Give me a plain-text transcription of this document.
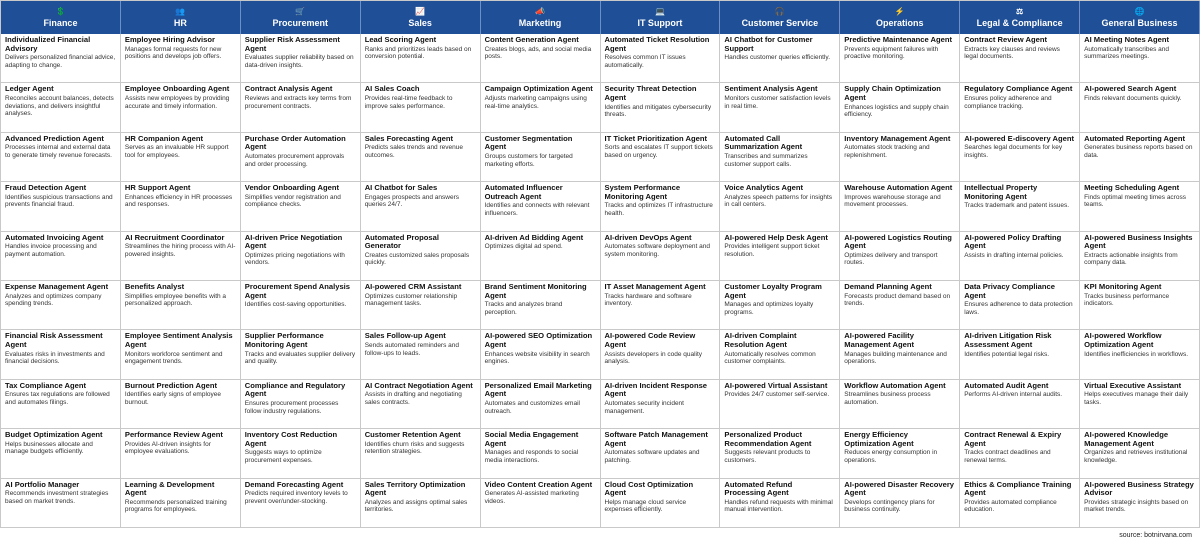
💲
Finance
👥
HR
🛒
Procurement
📈
Sales
📣
Marketing
💻
IT Support
🎧
Customer Service
⚡
Operations
⚖
Legal & Compliance
🌐
General Business
Individualized Financial Advisory
Delivers personalized financial advice, adapting to change.
Employee Hiring Advisor
Manages formal requests for new positions and develops job offers.
Supplier Risk Assessment Agent
Evaluates supplier reliability based on data-driven insights.
Lead Scoring Agent
Ranks and prioritizes leads based on conversion potential.
Content Generation Agent
Creates blogs, ads, and social media posts.
Automated Ticket Resolution Agent
Resolves common IT issues automatically.
AI Chatbot for Customer Support
Handles customer queries efficiently.
Predictive Maintenance Agent
Prevents equipment failures with proactive monitoring.
Contract Review Agent
Extracts key clauses and reviews legal documents.
AI Meeting Notes Agent
Automatically transcribes and summarizes meetings.
Ledger Agent
Reconciles account balances, detects deviations, and delivers insightful analyses.
Employee Onboarding Agent
Assists new employees by providing accurate and timely information.
Contract Analysis Agent
Reviews and extracts key terms from procurement contracts.
AI Sales Coach
Provides real-time feedback to improve sales performance.
Campaign Optimization Agent
Adjusts marketing campaigns using real-time analytics.
Security Threat Detection Agent
Identifies and mitigates cybersecurity threats.
Sentiment Analysis Agent
Monitors customer satisfaction levels in real time.
Supply Chain Optimization Agent
Enhances logistics and supply chain efficiency.
Regulatory Compliance Agent
Ensures policy adherence and compliance tracking.
AI-powered Search Agent
Finds relevant documents quickly.
Advanced Prediction Agent
Processes internal and external data to generate timely revenue forecasts.
HR Companion Agent
Serves as an invaluable HR support tool for employees.
Purchase Order Automation Agent
Automates procurement approvals and order processing.
Sales Forecasting Agent
Predicts sales trends and revenue outcomes.
Customer Segmentation Agent
Groups customers for targeted marketing efforts.
IT Ticket Prioritization Agent
Sorts and escalates IT support tickets based on urgency.
Automated Call Summarization Agent
Transcribes and summarizes customer support calls.
Inventory Management Agent
Automates stock tracking and replenishment.
AI-powered E-discovery Agent
Searches legal documents for key insights.
Automated Reporting Agent
Generates business reports based on data.
Fraud Detection Agent
Identifies suspicious transactions and prevents financial fraud.
HR Support Agent
Enhances efficiency in HR processes and responses.
Vendor Onboarding Agent
Simplifies vendor registration and compliance checks.
AI Chatbot for Sales
Engages prospects and answers queries 24/7.
Automated Influencer Outreach Agent
Identifies and connects with relevant influencers.
System Performance Monitoring Agent
Tracks and optimizes IT infrastructure health.
Voice Analytics Agent
Analyzes speech patterns for insights in call centers.
Warehouse Automation Agent
Improves warehouse storage and movement processes.
Intellectual Property Monitoring Agent
Tracks trademark and patent issues.
Meeting Scheduling Agent
Finds optimal meeting times across teams.
Automated Invoicing Agent
Handles invoice processing and payment automation.
AI Recruitment Coordinator
Streamlines the hiring process with AI-powered insights.
AI-driven Price Negotiation Agent
Optimizes pricing negotiations with vendors.
Automated Proposal Generator
Creates customized sales proposals quickly.
AI-driven Ad Bidding Agent
Optimizes digital ad spend.
AI-driven DevOps Agent
Automates software deployment and system monitoring.
AI-powered Help Desk Agent
Provides intelligent support ticket resolution.
AI-powered Logistics Routing Agent
Optimizes delivery and transport routes.
AI-powered Policy Drafting Agent
Assists in drafting internal policies.
AI-powered Business Insights Agent
Extracts actionable insights from company data.
Expense Management Agent
Analyzes and optimizes company spending trends.
Benefits Analyst
Simplifies employee benefits with a personalized approach.
Procurement Spend Analysis Agent
Identifies cost-saving opportunities.
AI-powered CRM Assistant
Optimizes customer relationship management tasks.
Brand Sentiment Monitoring Agent
Tracks and analyzes brand perception.
IT Asset Management Agent
Tracks hardware and software inventory.
Customer Loyalty Program Agent
Manages and optimizes loyalty programs.
Demand Planning Agent
Forecasts product demand based on trends.
Data Privacy Compliance Agent
Ensures adherence to data protection laws.
KPI Monitoring Agent
Tracks business performance indicators.
Financial Risk Assessment Agent
Evaluates risks in investments and financial decisions.
Employee Sentiment Analysis Agent
Monitors workforce sentiment and engagement trends.
Supplier Performance Monitoring Agent
Tracks and evaluates supplier delivery and quality.
Sales Follow-up Agent
Sends automated reminders and follow-ups to leads.
AI-powered SEO Optimization Agent
Enhances website visibility in search engines.
AI-powered Code Review Agent
Assists developers in code quality analysis.
AI-driven Complaint Resolution Agent
Automatically resolves common customer complaints.
AI-powered Facility Management Agent
Manages building maintenance and operations.
AI-driven Litigation Risk Assessment Agent
Identifies potential legal risks.
AI-powered Workflow Optimization Agent
Identifies inefficiencies in workflows.
Tax Compliance Agent
Ensures tax regulations are followed and automates filings.
Burnout Prediction Agent
Identifies early signs of employee burnout.
Compliance and Regulatory Agent
Ensures procurement processes follow industry regulations.
AI Contract Negotiation Agent
Assists in drafting and negotiating sales contracts.
Personalized Email Marketing Agent
Automates and customizes email outreach.
AI-driven Incident Response Agent
Automates security incident management.
AI-powered Virtual Assistant
Provides 24/7 customer self-service.
Workflow Automation Agent
Streamlines business process automation.
Automated Audit Agent
Performs AI-driven internal audits.
Virtual Executive Assistant
Helps executives manage their daily tasks.
Budget Optimization Agent
Helps businesses allocate and manage budgets efficiently.
Performance Review Agent
Provides AI-driven insights for employee evaluations.
Inventory Cost Reduction Agent
Suggests ways to optimize procurement expenses.
Customer Retention Agent
Identifies churn risks and suggests retention strategies.
Social Media Engagement Agent
Manages and responds to social media interactions.
Software Patch Management Agent
Automates software updates and patching.
Personalized Product Recommendation Agent
Suggests relevant products to customers.
Energy Efficiency Optimization Agent
Reduces energy consumption in operations.
Contract Renewal & Expiry Agent
Tracks contract deadlines and renewal terms.
AI-powered Knowledge Management Agent
Organizes and retrieves institutional knowledge.
AI Portfolio Manager
Recommends investment strategies based on market trends.
Learning & Development Agent
Recommends personalized training programs for employees.
Demand Forecasting Agent
Predicts required inventory levels to prevent over/under-stocking.
Sales Territory Optimization Agent
Analyzes and assigns optimal sales territories.
Video Content Creation Agent
Generates AI-assisted marketing videos.
Cloud Cost Optimization Agent
Helps manage cloud service expenses efficiently.
Automated Refund Processing Agent
Handles refund requests with minimal manual intervention.
AI-powered Disaster Recovery Agent
Develops contingency plans for business continuity.
Ethics & Compliance Training Agent
Provides automated compliance education.
AI-powered Business Strategy Advisor
Provides strategic insights based on market trends.
source: botnirvana.com
